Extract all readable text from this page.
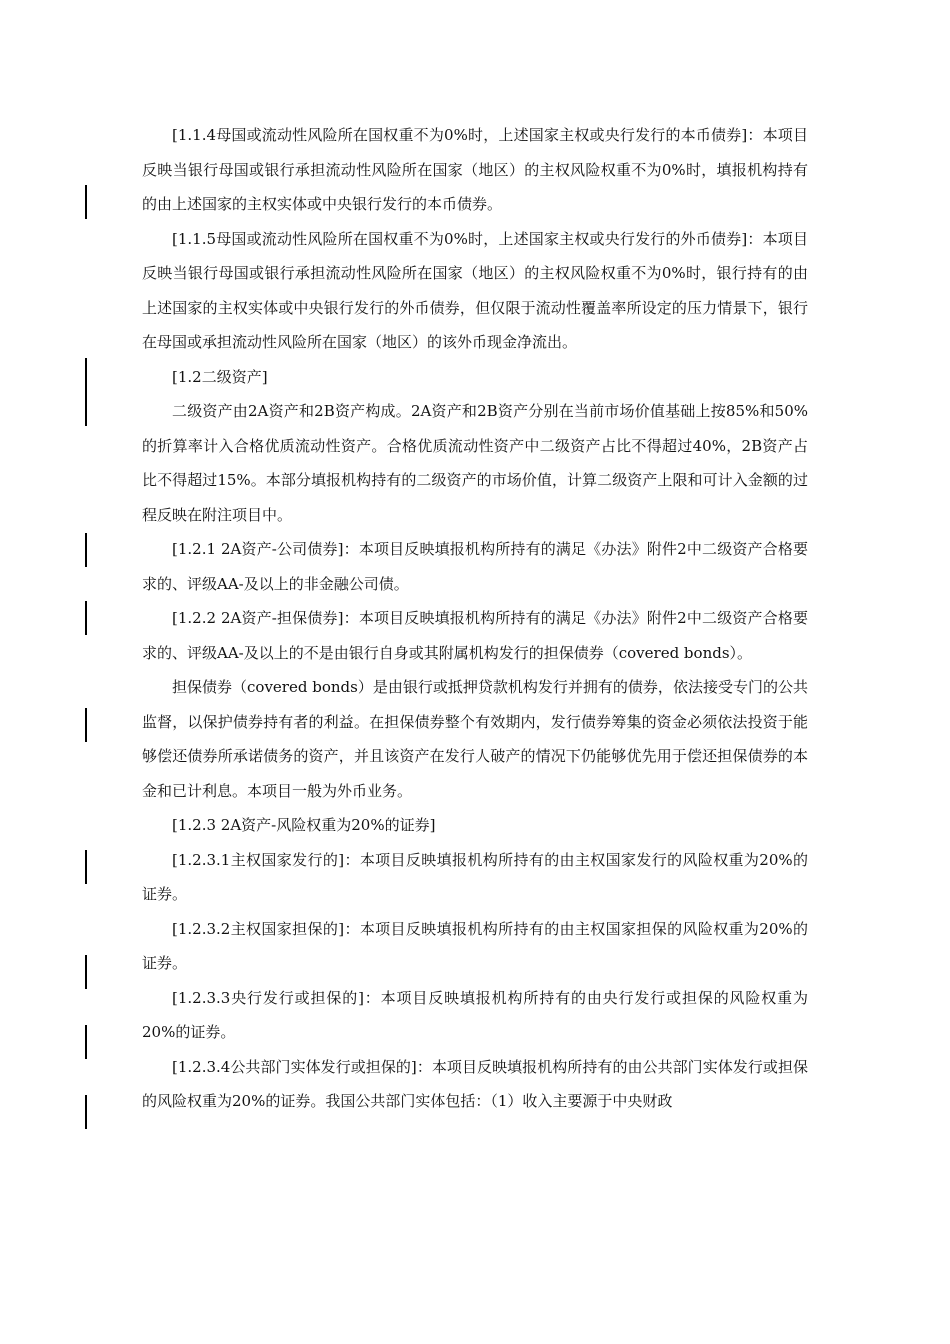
[1.1.4母国或流动性风险所在国权重不为0%时，上述国家主权或央行发行的本币债券]：本项目反映当银行母国或银行承担流动性风险所在国家（地区）的主权风险权重不为0%时，填报机构持有的由上述国家的主权实体或中央银行发行的本币债券。

[1.1.5母国或流动性风险所在国权重不为0%时，上述国家主权或央行发行的外币债券]：本项目反映当银行母国或银行承担流动性风险所在国家（地区）的主权风险权重不为0%时，银行持有的由上述国家的主权实体或中央银行发行的外币债券，但仅限于流动性覆盖率所设定的压力情景下，银行在母国或承担流动性风险所在国家（地区）的该外币现金净流出。

[1.2二级资产]

二级资产由2A资产和2B资产构成。2A资产和2B资产分别在当前市场价值基础上按85%和50%的折算率计入合格优质流动性资产。合格优质流动性资产中二级资产占比不得超过40%，2B资产占比不得超过15%。本部分填报机构持有的二级资产的市场价值，计算二级资产上限和可计入金额的过程反映在附注项目中。

[1.2.1 2A资产-公司债券]：本项目反映填报机构所持有的满足《办法》附件2中二级资产合格要求的、评级AA-及以上的非金融公司债。

[1.2.2 2A资产-担保债券]：本项目反映填报机构所持有的满足《办法》附件2中二级资产合格要求的、评级AA-及以上的不是由银行自身或其附属机构发行的担保债券（covered bonds）。

担保债券（covered bonds）是由银行或抵押贷款机构发行并拥有的债券，依法接受专门的公共监督，以保护债券持有者的利益。在担保债券整个有效期内，发行债券筹集的资金必须依法投资于能够偿还债券所承诺债务的资产，并且该资产在发行人破产的情况下仍能够优先用于偿还担保债券的本金和已计利息。本项目一般为外币业务。

[1.2.3 2A资产-风险权重为20%的证券]

[1.2.3.1主权国家发行的]：本项目反映填报机构所持有的由主权国家发行的风险权重为20%的证券。

[1.2.3.2主权国家担保的]：本项目反映填报机构所持有的由主权国家担保的风险权重为20%的证券。

[1.2.3.3央行发行或担保的]：本项目反映填报机构所持有的由央行发行或担保的风险权重为20%的证券。

[1.2.3.4公共部门实体发行或担保的]：本项目反映填报机构所持有的由公共部门实体发行或担保的风险权重为20%的证券。我国公共部门实体包括：（1）收入主要源于中央财政
